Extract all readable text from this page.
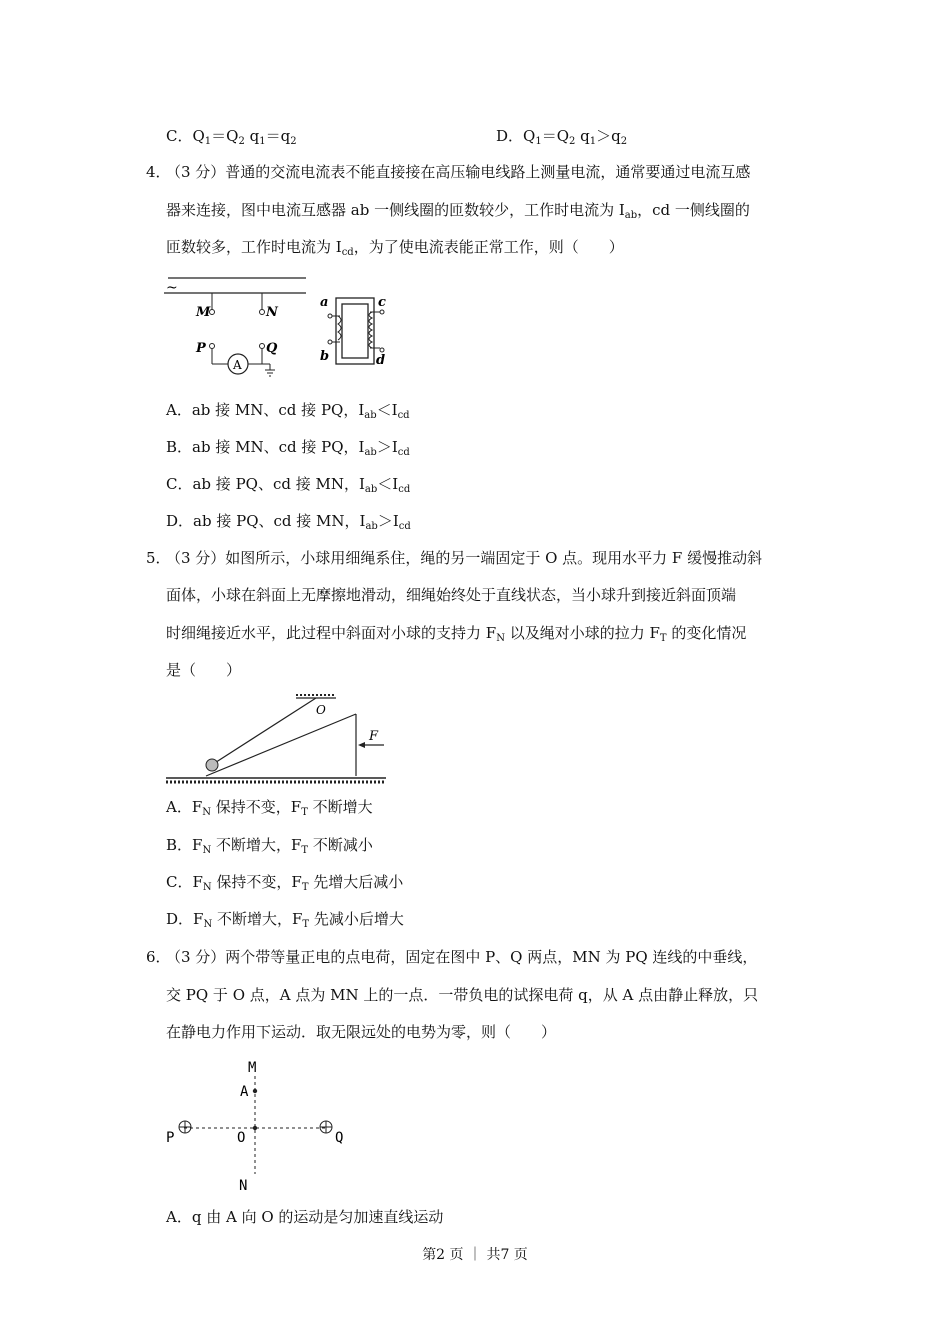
C．$Q_1=Q_2$ $q_1=q_2$	D．$Q_1=Q_2$ $q_1>q_2$
4．
（3 分）普通的交流电流表不能直接接在高压输电线路上测量电流，通常要通过电流互感
器来连接，图中电流互感器 ab 一侧线圈的匝数较少，工作时电流为 $I_{ab}$，cd 一侧线圈的
匝数较多，工作时电流为 $I_{cd}$，为了使电流表能正常工作，则（　　）
~
M	N
P
A
Q
a
b
c
d
A．ab 接 MN、cd 接 PQ，$I_{ab}<I_{cd}$
B．ab 接 MN、cd 接 PQ，$I_{ab}>I_{cd}$
C．ab 接 PQ、cd 接 MN，$I_{ab}<I_{cd}$
D．ab 接 PQ、cd 接 MN，$I_{ab}>I_{cd}$
5．
（3 分）如图所示，小球用细绳系住，绳的另一端固定于 O 点。现用水平力 F 缓慢推动斜
面体，小球在斜面上无摩擦地滑动，细绳始终处于直线状态，当小球升到接近斜面顶端
时细绳接近水平，此过程中斜面对小球的支持力 $F_N$ 以及绳对小球的拉力 $F_T$ 的变化情况
是（　　）
O
F
A．$F_N$ 保持不变，$F_T$ 不断增大
B．$F_N$ 不断增大，$F_T$ 不断减小
C．$F_N$ 保持不变，$F_T$ 先增大后减小
D．$F_N$ 不断增大，$F_T$ 先减小后增大
6．
（3 分）两个带等量正电的点电荷，固定在图中 P、Q 两点，MN 为 PQ 连线的中垂线，
交 PQ 于 O 点，A 点为 MN 上的一点．一带负电的试探电荷 q，从 A 点由静止释放，只
在静电力作用下运动．取无限远处的电势为零，则（　　）
M
A
P	O	Q
N
A．q 由 A 向 O 的运动是匀加速直线运动
第2 页 ｜ 共7 页
